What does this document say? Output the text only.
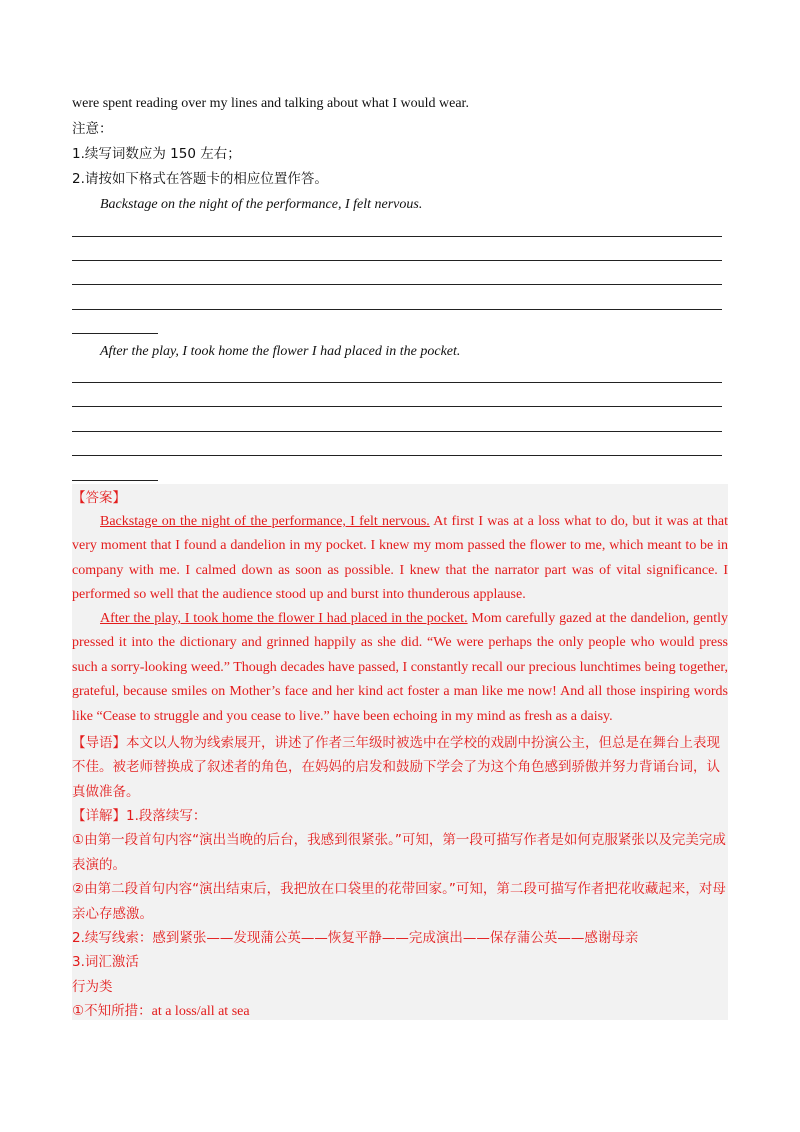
were spent reading over my lines and talking about what I would wear.
注意：
1.续写词数应为 150 左右；
2.请按如下格式在答题卡的相应位置作答。
Backstage on the night of the performance, I felt nervous.
After the play, I took home the flower I had placed in the pocket.

【答案】

Backstage on the night of the performance, I felt nervous. At first I was at a loss what to do, but it was at that very moment that I found a dandelion in my pocket. I knew my mom passed the flower to me, which meant to be in company with me. I calmed down as soon as possible. I knew that the narrator part was of vital significance. I performed so well that the audience stood up and burst into thunderous applause.

After the play, I took home the flower I had placed in the pocket. Mom carefully gazed at the dandelion, gently pressed it into the dictionary and grinned happily as she did. “We were perhaps the only people who would press such a sorry-looking weed.” Though decades have passed, I constantly recall our precious lunchtimes being together, grateful, because smiles on Mother’s face and her kind act foster a man like me now! And all those inspiring words like “Cease to struggle and you cease to live.” have been echoing in my mind as fresh as a daisy.

【导语】本文以人物为线索展开，讲述了作者三年级时被选中在学校的戏剧中扮演公主，但总是在舞台上表现不佳。被老师替换成了叙述者的角色，在妈妈的启发和鼓励下学会了为这个角色感到骄傲并努力背诵台词，认真做准备。

【详解】1.段落续写：

①由第一段首句内容“演出当晚的后台，我感到很紧张。”可知，第一段可描写作者是如何克服紧张以及完美完成表演的。

②由第二段首句内容“演出结束后，我把放在口袋里的花带回家。”可知，第二段可描写作者把花收藏起来，对母亲心存感激。

2.续写线索：感到紧张——发现蒲公英——恢复平静——完成演出——保存蒲公英——感谢母亲

3.词汇激活

行为类

①不知所措：at a loss/all at sea
